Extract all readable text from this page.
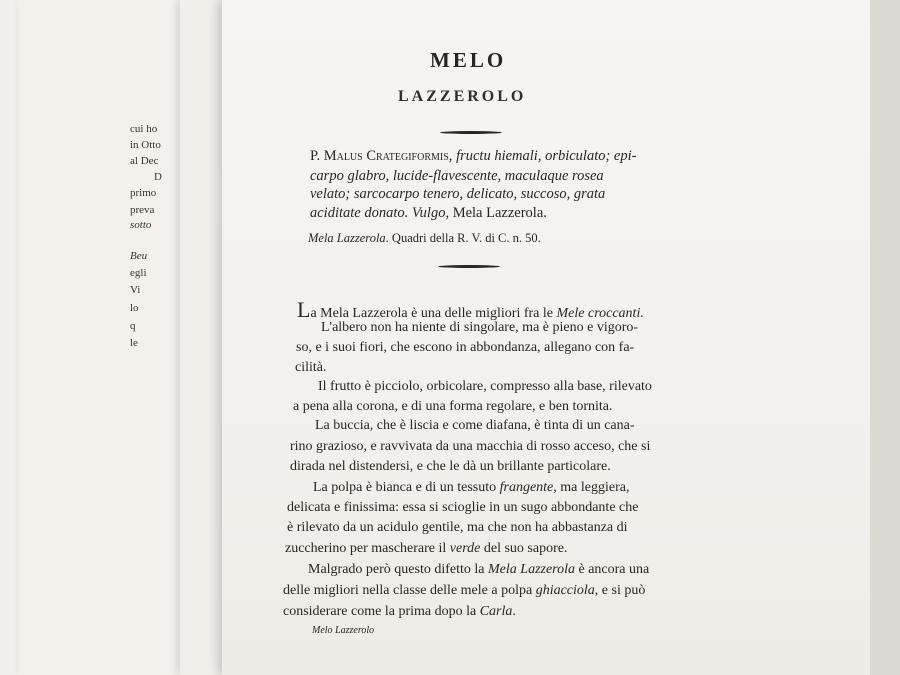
cui ho
in Otto
al Dec
D
primo
preva
sotto
Beu
egli
Vi
lo
q
le
MELO
LAZZEROLO
P. Malus Crategiformis, fructu hiemali, orbiculato; epi-
carpo glabro, lucide-flavescente, maculaque rosea
velato; sarcocarpo tenero, delicato, succoso, grata
aciditate donato. Vulgo, Mela Lazzerola.
Mela Lazzerola. Quadri della R. V. di C. n. 50.
La Mela Lazzerola è una delle migliori fra le Mele croccanti.
L'albero non ha niente di singolare, ma è pieno e vigoro-
so, e i suoi fiori, che escono in abbondanza, allegano con fa-
cilità.
Il frutto è picciolo, orbicolare, compresso alla base, rilevato
a pena alla corona, e di una forma regolare, e ben tornita.
La buccia, che è liscia e come diafana, è tinta di un cana-
rino grazioso, e ravvivata da una macchia di rosso acceso, che si
dirada nel distendersi, e che le dà un brillante particolare.
La polpa è bianca e di un tessuto frangente, ma leggiera,
delicata e finissima: essa si scioglie in un sugo abbondante che
è rilevato da un acidulo gentile, ma che non ha abbastanza di
zuccherino per mascherare il verde del suo sapore.
Malgrado però questo difetto la Mela Lazzerola è ancora una
delle migliori nella classe delle mele a polpa ghiacciola, e si può
considerare come la prima dopo la Carla.
Melo Lazzerolo
